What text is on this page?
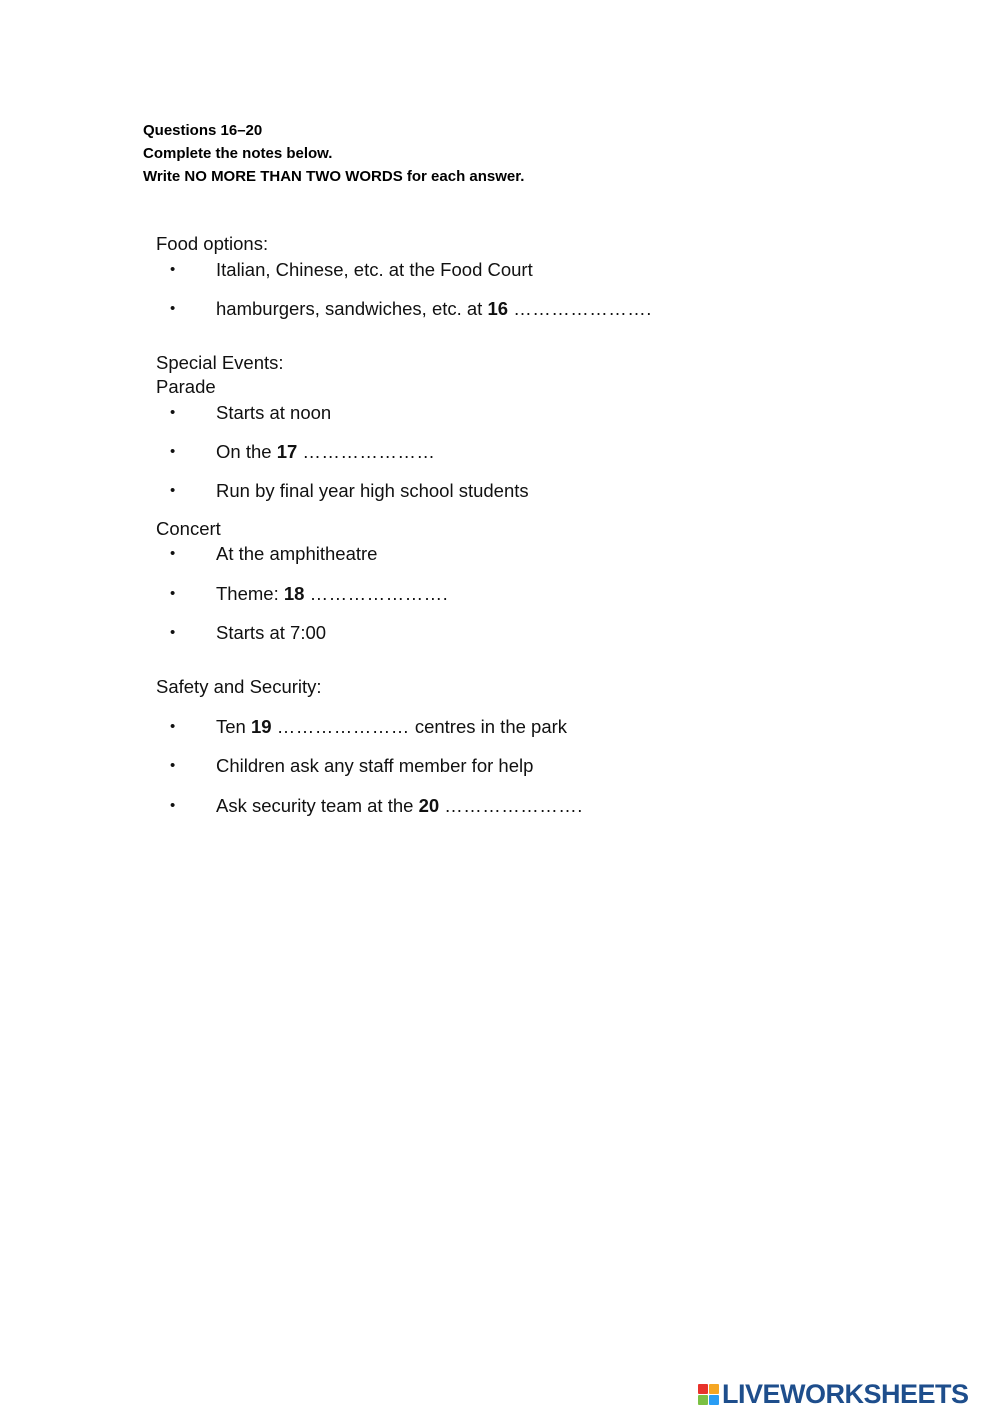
Questions 16–20
Complete the notes below.
Write NO MORE THAN TWO WORDS for each answer.
Food options:
• Italian, Chinese, etc. at the Food Court
• hamburgers, sandwiches, etc. at 16 ………………….
Special Events:
Parade
• Starts at noon
• On the 17 …………………
• Run by final year high school students
Concert
• At the amphitheatre
• Theme: 18 ………………….
• Starts at 7:00
Safety and Security:
• Ten 19 ………………… centres in the park
• Children ask any staff member for help
• Ask security team at the 20 ………………….
LIVEWORKSHEETS
